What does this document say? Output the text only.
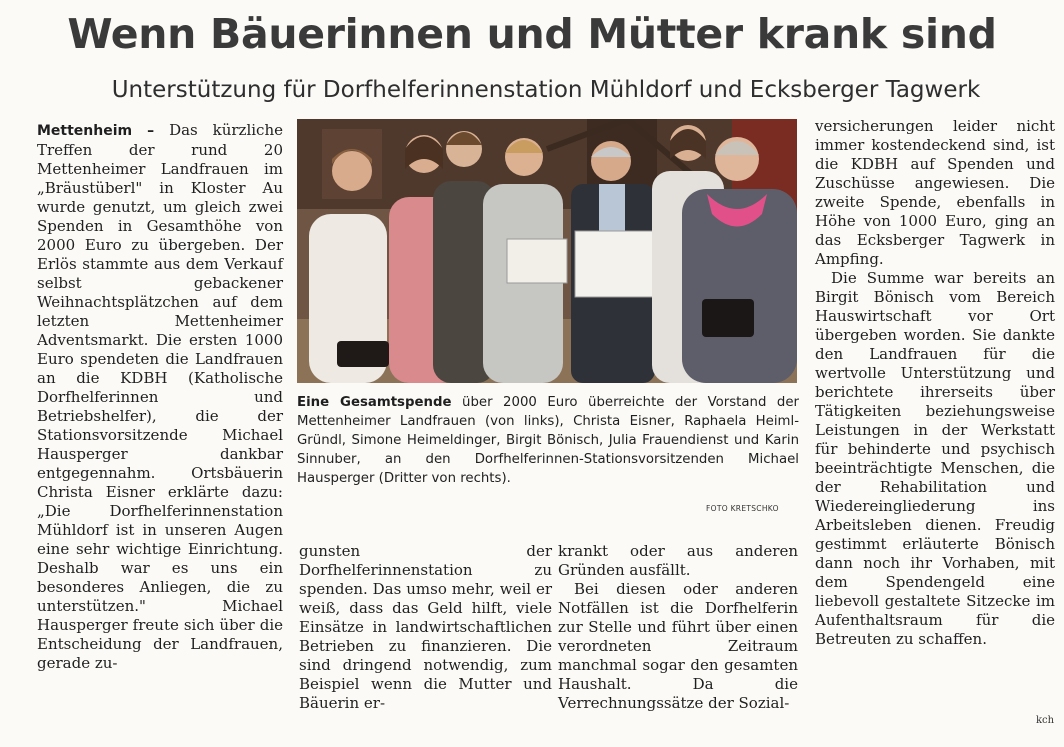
Wenn Bäuerinnen und Mütter krank sind
Unterstützung für Dorfhelferinnenstation Mühldorf und Ecksberger Tagwerk

Mettenheim – Das kürzliche Treffen der rund 20 Mettenheimer Landfrauen im „Bräustüberl" in Kloster Au wurde genutzt, um gleich zwei Spenden in Gesamthöhe von 2000 Euro zu übergeben. Der Erlös stammte aus dem Verkauf selbst gebackener Weihnachtsplätzchen auf dem letzten Mettenheimer Adventsmarkt. Die ersten 1000 Euro spendeten die Landfrauen an die KDBH (Katholische Dorfhelferinnen und Betriebshelfer), die der Stationsvorsitzende Michael Hausperger dankbar entgegennahm. Ortsbäuerin Christa Eisner erklärte dazu: „Die Dorfhelferinnenstation Mühldorf ist in unseren Augen eine sehr wichtige Einrichtung. Deshalb war es uns ein besonderes Anliegen, die zu unterstützen." Michael Hausperger freute sich über die Entscheidung der Landfrauen, gerade zu-

Eine Gesamtspende über 2000 Euro überreichte der Vorstand der Mettenheimer Landfrauen (von links), Christa Eisner, Raphaela Heiml-Gründl, Simone Heimeldinger, Birgit Bönisch, Julia Frauendienst und Karin Sinnuber, an den Dorfhelferinnen-Stationsvorsitzenden Michael Hausperger (Dritter von rechts).
FOTO KRETSCHKO

gunsten der Dorfhelferinnenstation zu spenden. Das umso mehr, weil er weiß, dass das Geld hilft, viele Einsätze in landwirtschaftlichen Betrieben zu finanzieren. Die sind dringend notwendig, zum Beispiel wenn die Mutter und Bäuerin er-

krankt oder aus anderen Gründen ausfällt.

Bei diesen oder anderen Notfällen ist die Dorfhelferin zur Stelle und führt über einen verordneten Zeitraum manchmal sogar den gesamten Haushalt. Da die Verrechnungssätze der Sozial-

versicherungen leider nicht immer kostendeckend sind, ist die KDBH auf Spenden und Zuschüsse angewiesen. Die zweite Spende, ebenfalls in Höhe von 1000 Euro, ging an das Ecksberger Tagwerk in Ampfing.

Die Summe war bereits an Birgit Bönisch vom Bereich Hauswirtschaft vor Ort übergeben worden. Sie dankte den Landfrauen für die wertvolle Unterstützung und berichtete ihrerseits über Tätigkeiten beziehungsweise Leistungen in der Werkstatt für behinderte und psychisch beeinträchtigte Menschen, die der Rehabilitation und Wiedereingliederung ins Arbeitsleben dienen. Freudig gestimmt erläuterte Bönisch dann noch ihr Vorhaben, mit dem Spendengeld eine liebevoll gestaltete Sitzecke im Aufenthaltsraum für die Betreuten zu schaffen.

kch
